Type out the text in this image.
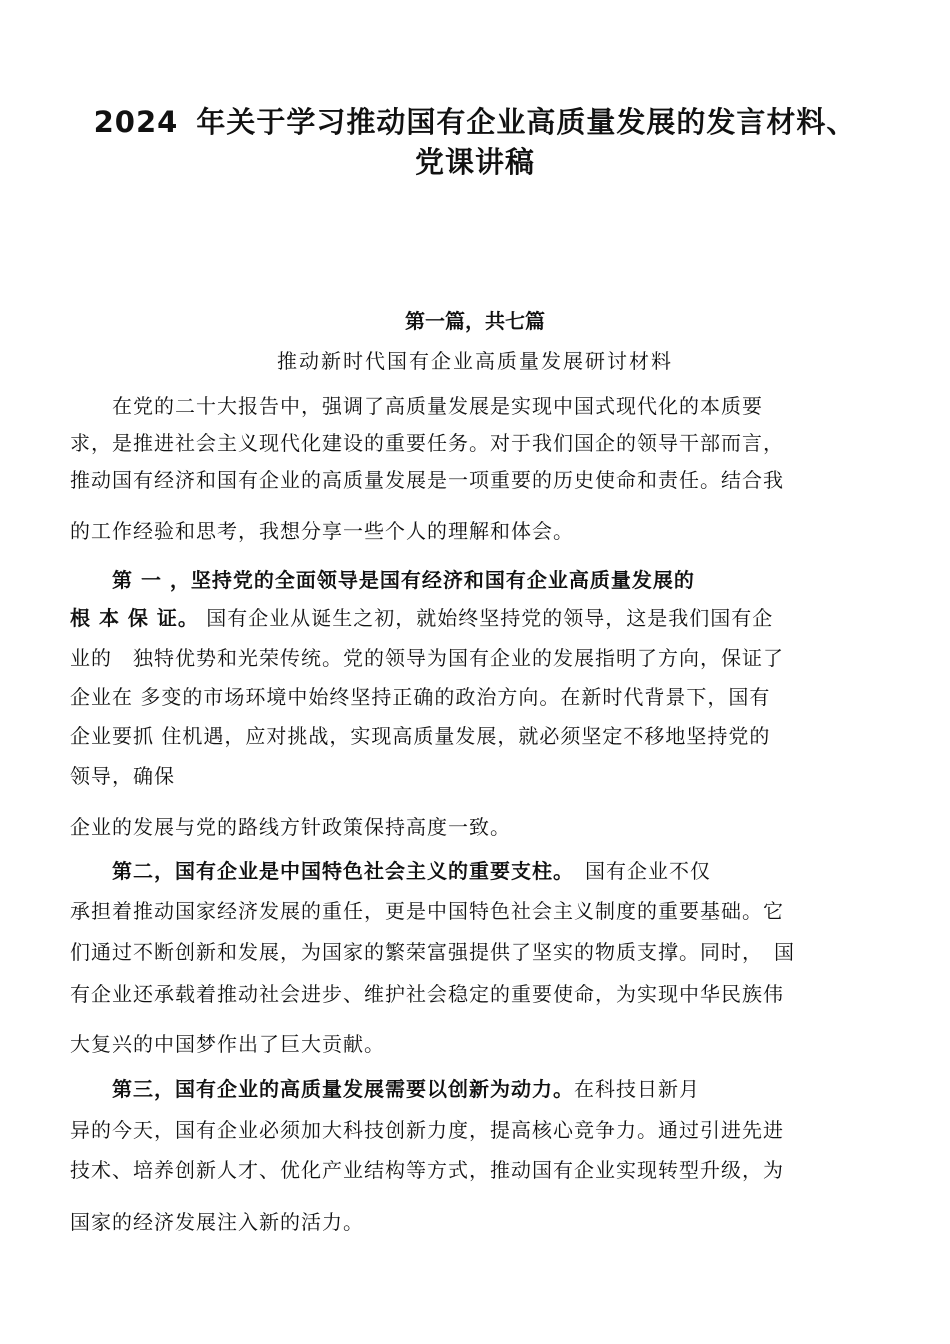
2024 年关于学习推动国有企业高质量发展的发言材料、
党课讲稿
第一篇，共七篇
推动新时代国有企业高质量发展研讨材料
　　在党的二十大报告中，强调了高质量发展是实现中国式现代化的本质要
求，是推进社会主义现代化建设的重要任务。对于我们国企的领导干部而言，
推动国有经济和国有企业的高质量发展是一项重要的历史使命和责任。结合我
的工作经验和思考，我想分享一些个人的理解和体会。
　　第 一 ，坚持党的全面领导是国有经济和国有企业高质量发展的
根 本 保 证。 国有企业从诞生之初，就始终坚持党的领导，这是我们国有企
业的　独特优势和光荣传统。党的领导为国有企业的发展指明了方向，保证了
企业在 多变的市场环境中始终坚持正确的政治方向。在新时代背景下，国有
企业要抓 住机遇，应对挑战，实现高质量发展，就必须坚定不移地坚持党的
领导，确保
企业的发展与党的路线方针政策保持高度一致。
　　第二，国有企业是中国特色社会主义的重要支柱。　国有企业不仅
承担着推动国家经济发展的重任，更是中国特色社会主义制度的重要基础。它
们通过不断创新和发展，为国家的繁荣富强提供了坚实的物质支撑。同时，　国
有企业还承载着推动社会进步、维护社会稳定的重要使命，为实现中华民族伟
大复兴的中国梦作出了巨大贡献。
　　第三，国有企业的高质量发展需要以创新为动力。在科技日新月
异的今天，国有企业必须加大科技创新力度，提高核心竞争力。通过引进先进
技术、培养创新人才、优化产业结构等方式，推动国有企业实现转型升级，为
国家的经济发展注入新的活力。
